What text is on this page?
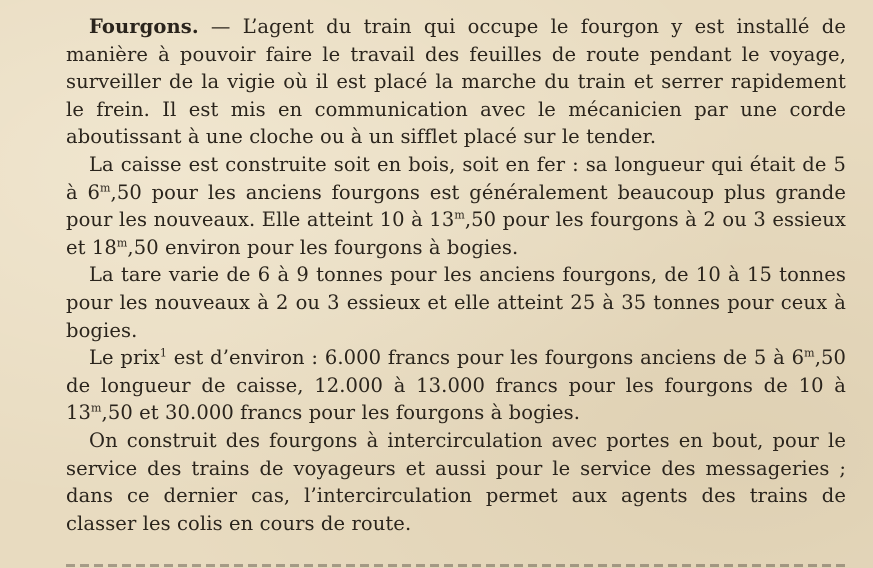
Fourgons. — L’agent du train qui occupe le fourgon y est installé de manière à pouvoir faire le travail des feuilles de route pendant le voyage, surveiller de la vigie où il est placé la marche du train et serrer rapidement le frein. Il est mis en communication avec le mécanicien par une corde aboutissant à une cloche ou à un sifflet placé sur le tender.

La caisse est construite soit en bois, soit en fer : sa longueur qui était de 5 à 6$^m$,50 pour les anciens fourgons est généralement beaucoup plus grande pour les nouveaux. Elle atteint 10 à 13$^m$,50 pour les fourgons à 2 ou 3 essieux et 18$^m$,50 environ pour les fourgons à bogies.

La tare varie de 6 à 9 tonnes pour les anciens fourgons, de 10 à 15 tonnes pour les nouveaux à 2 ou 3 essieux et elle atteint 25 à 35 tonnes pour ceux à bogies.

Le prix$^1$ est d’environ : 6.000 francs pour les fourgons anciens de 5 à 6$^m$,50 de longueur de caisse, 12.000 à 13.000 francs pour les fourgons de 10 à 13$^m$,50 et 30.000 francs pour les fourgons à bogies.

On construit des fourgons à intercirculation avec portes en bout, pour le service des trains de voyageurs et aussi pour le service des messageries ; dans ce dernier cas, l’intercirculation permet aux agents des trains de classer les colis en cours de route.
